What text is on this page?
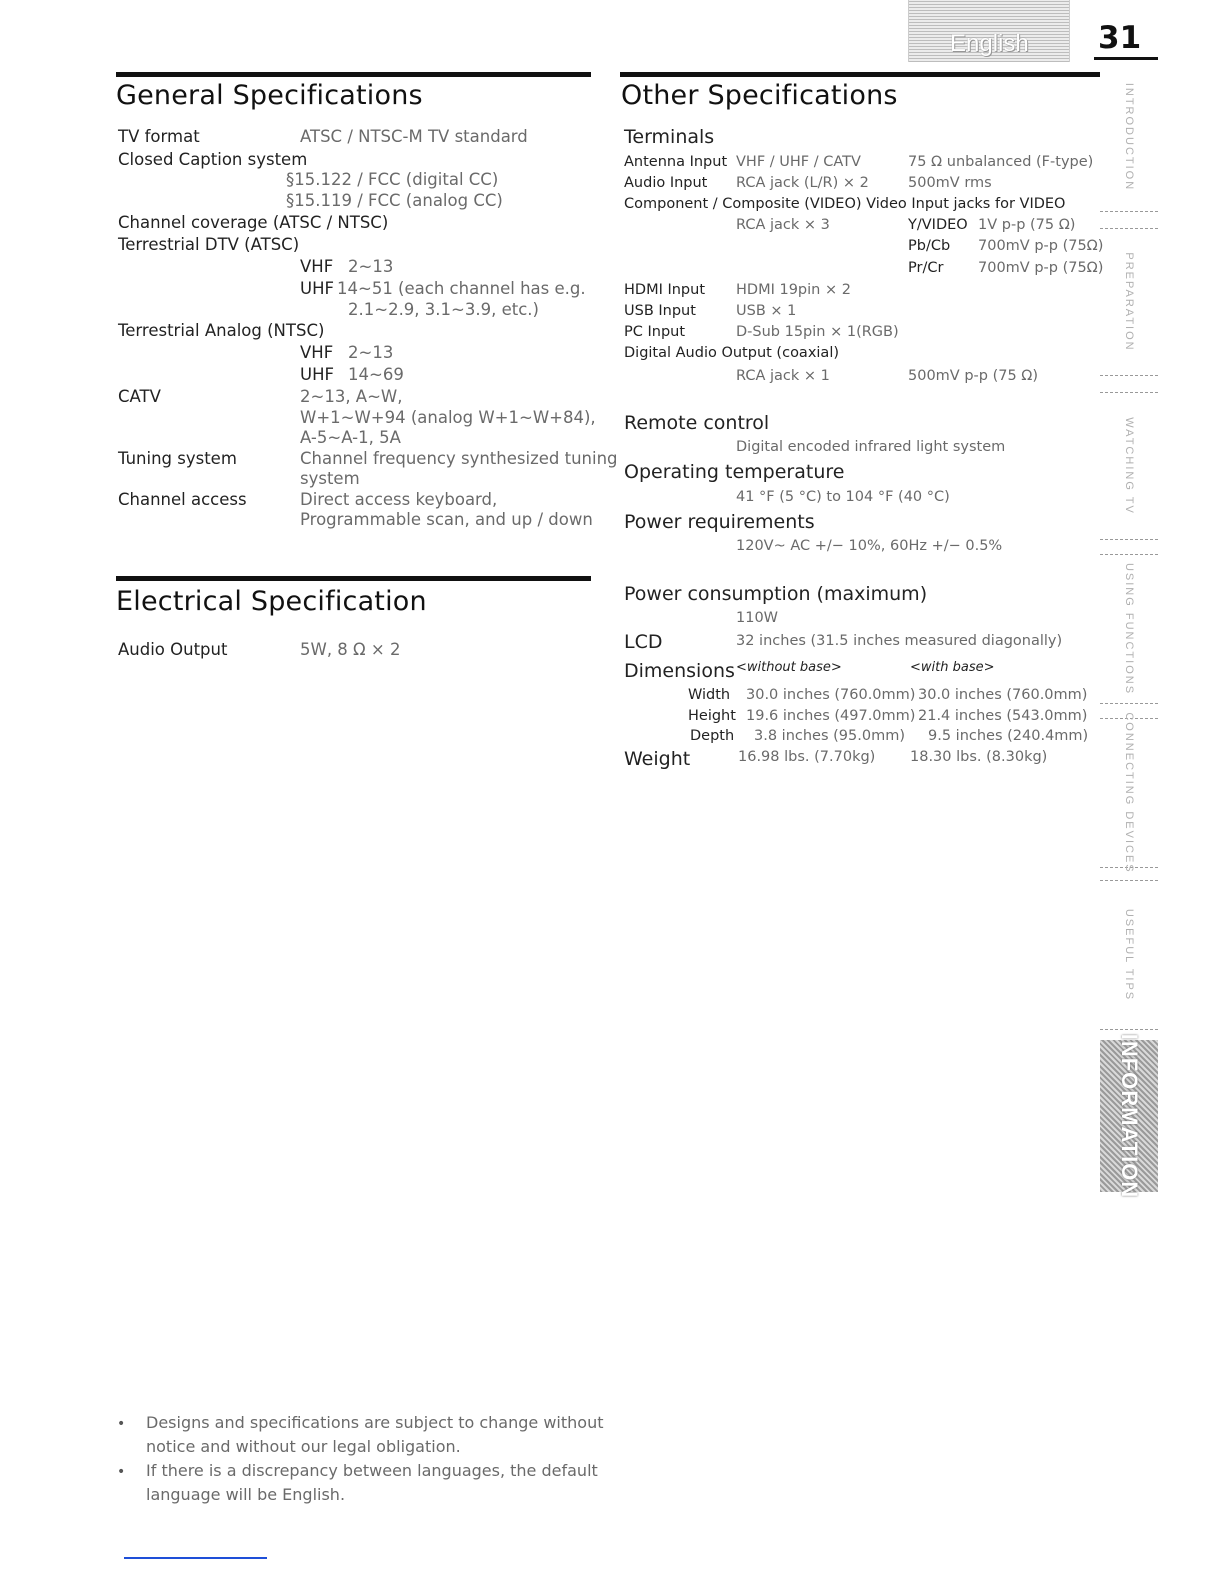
English 31
INTRODUCTION
PREPARATION
WATCHING TV
USING FUNCTIONS
CONNECTING DEVICES
USEFUL TIPS
INFORMATION
General Specifications
TV format	ATSC / NTSC-M TV standard
Closed Caption system
§15.122 / FCC (digital CC)
§15.119 / FCC (analog CC)
Channel coverage (ATSC / NTSC)
Terrestrial DTV (ATSC)
VHF 2~13
UHF 14~51 (each channel has e.g.
2.1~2.9, 3.1~3.9, etc.)
Terrestrial Analog (NTSC)
VHF 2~13
UHF 14~69
CATV	2~13, A~W,
W+1~W+94 (analog W+1~W+84),
A-5~A-1, 5A
Tuning system	Channel frequency synthesized tuning
system
Channel access	Direct access keyboard,
Programmable scan, and up / down
Electrical Specification
Audio Output	5W, 8 Ω × 2
Other Specifications
Terminals
Antenna Input VHF / UHF / CATV	75 Ω unbalanced (F-type)
Audio Input RCA jack (L/R) × 2	500mV rms
Component / Composite (VIDEO) Video Input jacks for VIDEO
RCA jack × 3	Y/VIDEO 1V p-p (75 Ω)
Pb/Cb 700mV p-p (75Ω)
Pr/Cr 700mV p-p (75Ω)
HDMI Input HDMI 19pin × 2
USB Input	USB × 1
PC Input	D-Sub 15pin × 1(RGB)
Digital Audio Output (coaxial)
RCA jack × 1	500mV p-p (75 Ω)
Remote control
Digital encoded infrared light system
Operating temperature
41 °F (5 °C) to 104 °F (40 °C)
Power requirements
120V~ AC +/− 10%, 60Hz +/− 0.5%
Power consumption (maximum)
110W
LCD	32 inches (31.5 inches measured diagonally)
Dimensions <without base>	<with base>
Width 30.0 inches (760.0mm) 30.0 inches (760.0mm)
Height 19.6 inches (497.0mm) 21.4 inches (543.0mm)
Depth 3.8 inches (95.0mm) 9.5 inches (240.4mm)
Weight	16.98 lbs. (7.70kg) 18.30 lbs. (8.30kg)
• Designs and specifications are subject to change without
notice and without our legal obligation.
• If there is a discrepancy between languages, the default
language will be English.
